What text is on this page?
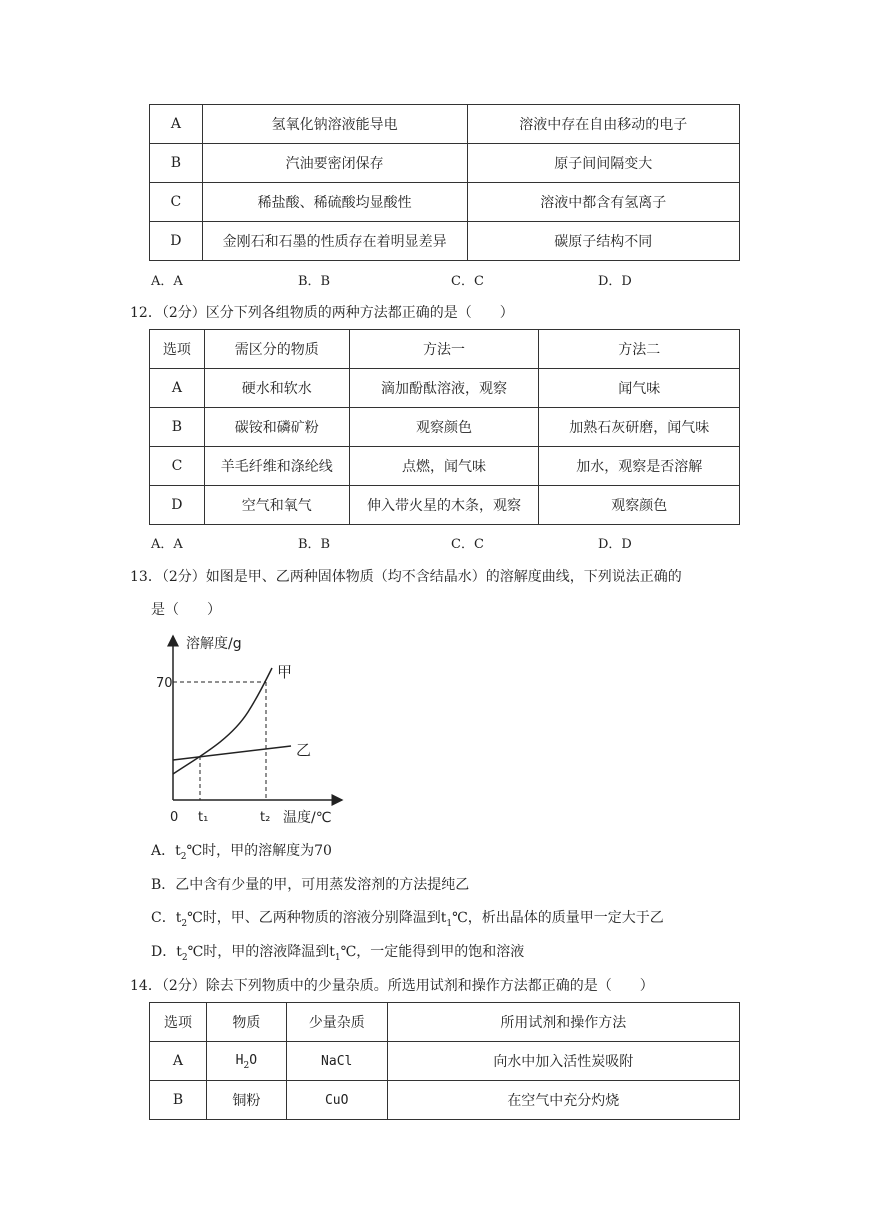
A	氢氧化钠溶液能导电	溶液中存在自由移动的电子
B	汽油要密闭保存	原子间间隔变大
C	稀盐酸、稀硫酸均显酸性	溶液中都含有氢离子
D	金刚石和石墨的性质存在着明显差异	碳原子结构不同
A．A	B．B	C．C	D．D
12．（2分）区分下列各组物质的两种方法都正确的是（　　）
选项	需区分的物质	方法一	方法二
A	硬水和软水	滴加酚酞溶液，观察	闻气味
B	碳铵和磷矿粉	观察颜色	加熟石灰研磨，闻气味
C	羊毛纤维和涤纶线	点燃，闻气味	加水，观察是否溶解
D	空气和氧气	伸入带火星的木条，观察	观察颜色
A．A	B．B	C．C	D．D
13．（2分）如图是甲、乙两种固体物质（均不含结晶水）的溶解度曲线，下列说法正确的
是（　　）
溶解度/g
70
甲
乙
0 t₁	t₂ 温度/℃
A．$t_2℃$时，甲的溶解度为70
B．乙中含有少量的甲，可用蒸发溶剂的方法提纯乙
C．$t_2℃$时，甲、乙两种物质的溶液分别降温到$t_1℃$，析出晶体的质量甲一定大于乙
D．$t_2℃$时，甲的溶液降温到$t_1℃$，一定能得到甲的饱和溶液
14．（2分）除去下列物质中的少量杂质。所选用试剂和操作方法都正确的是（　　）
选项	物质	少量杂质	所用试剂和操作方法
A	$H_2O$	NaCl	向水中加入活性炭吸附
B	铜粉	CuO	在空气中充分灼烧
